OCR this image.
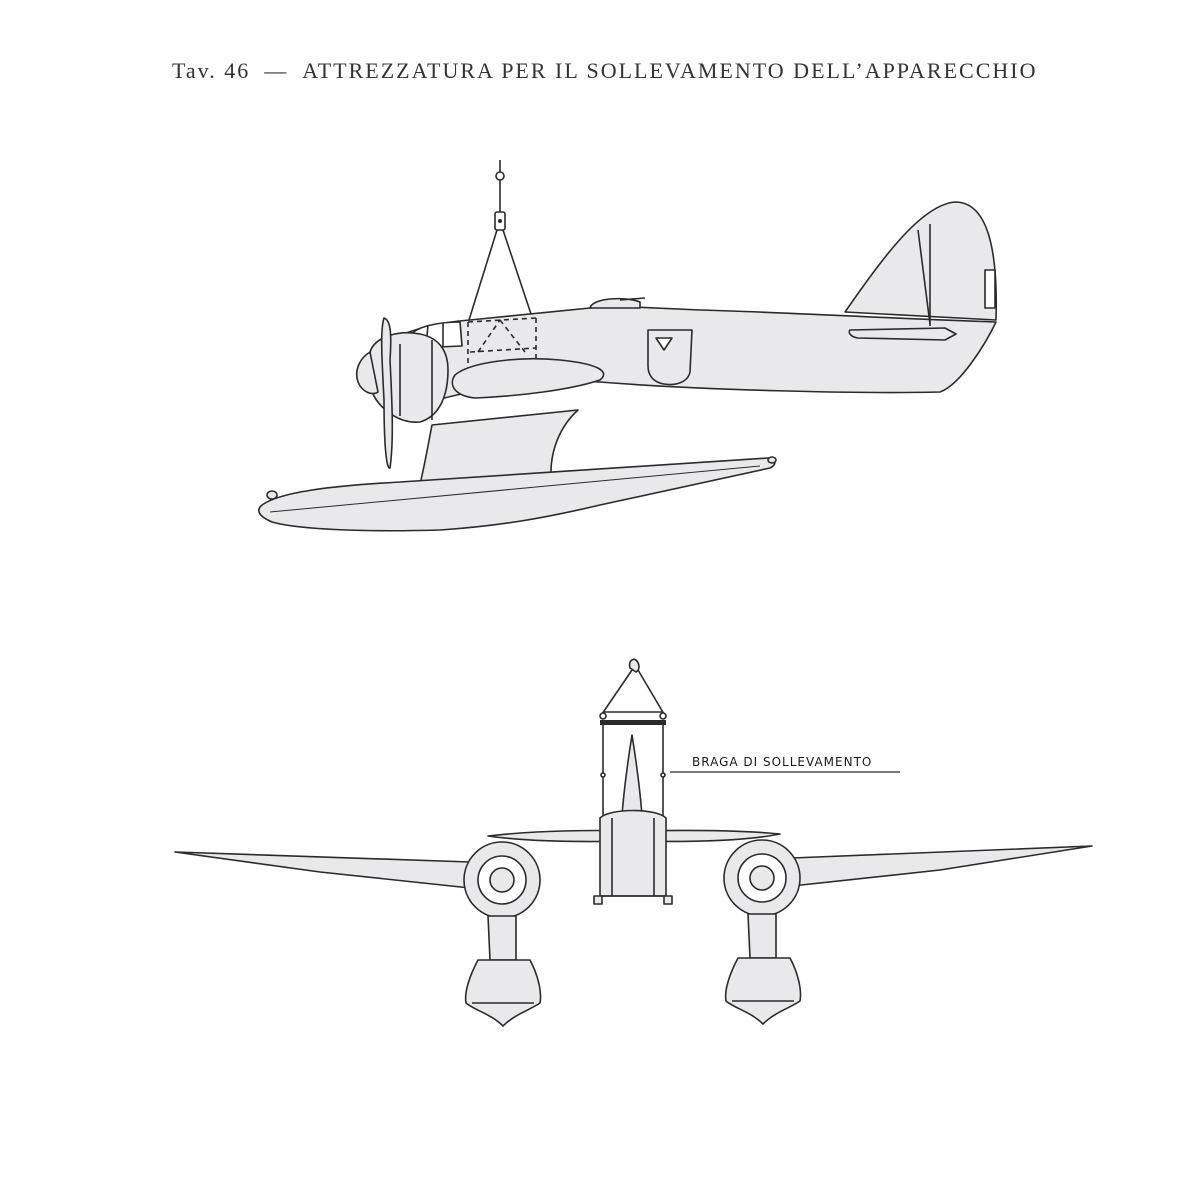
Tav. 46 — ATTREZZATURA PER IL SOLLEVAMENTO DELL’APPARECCHIO
BRAGA DI SOLLEVAMENTO
